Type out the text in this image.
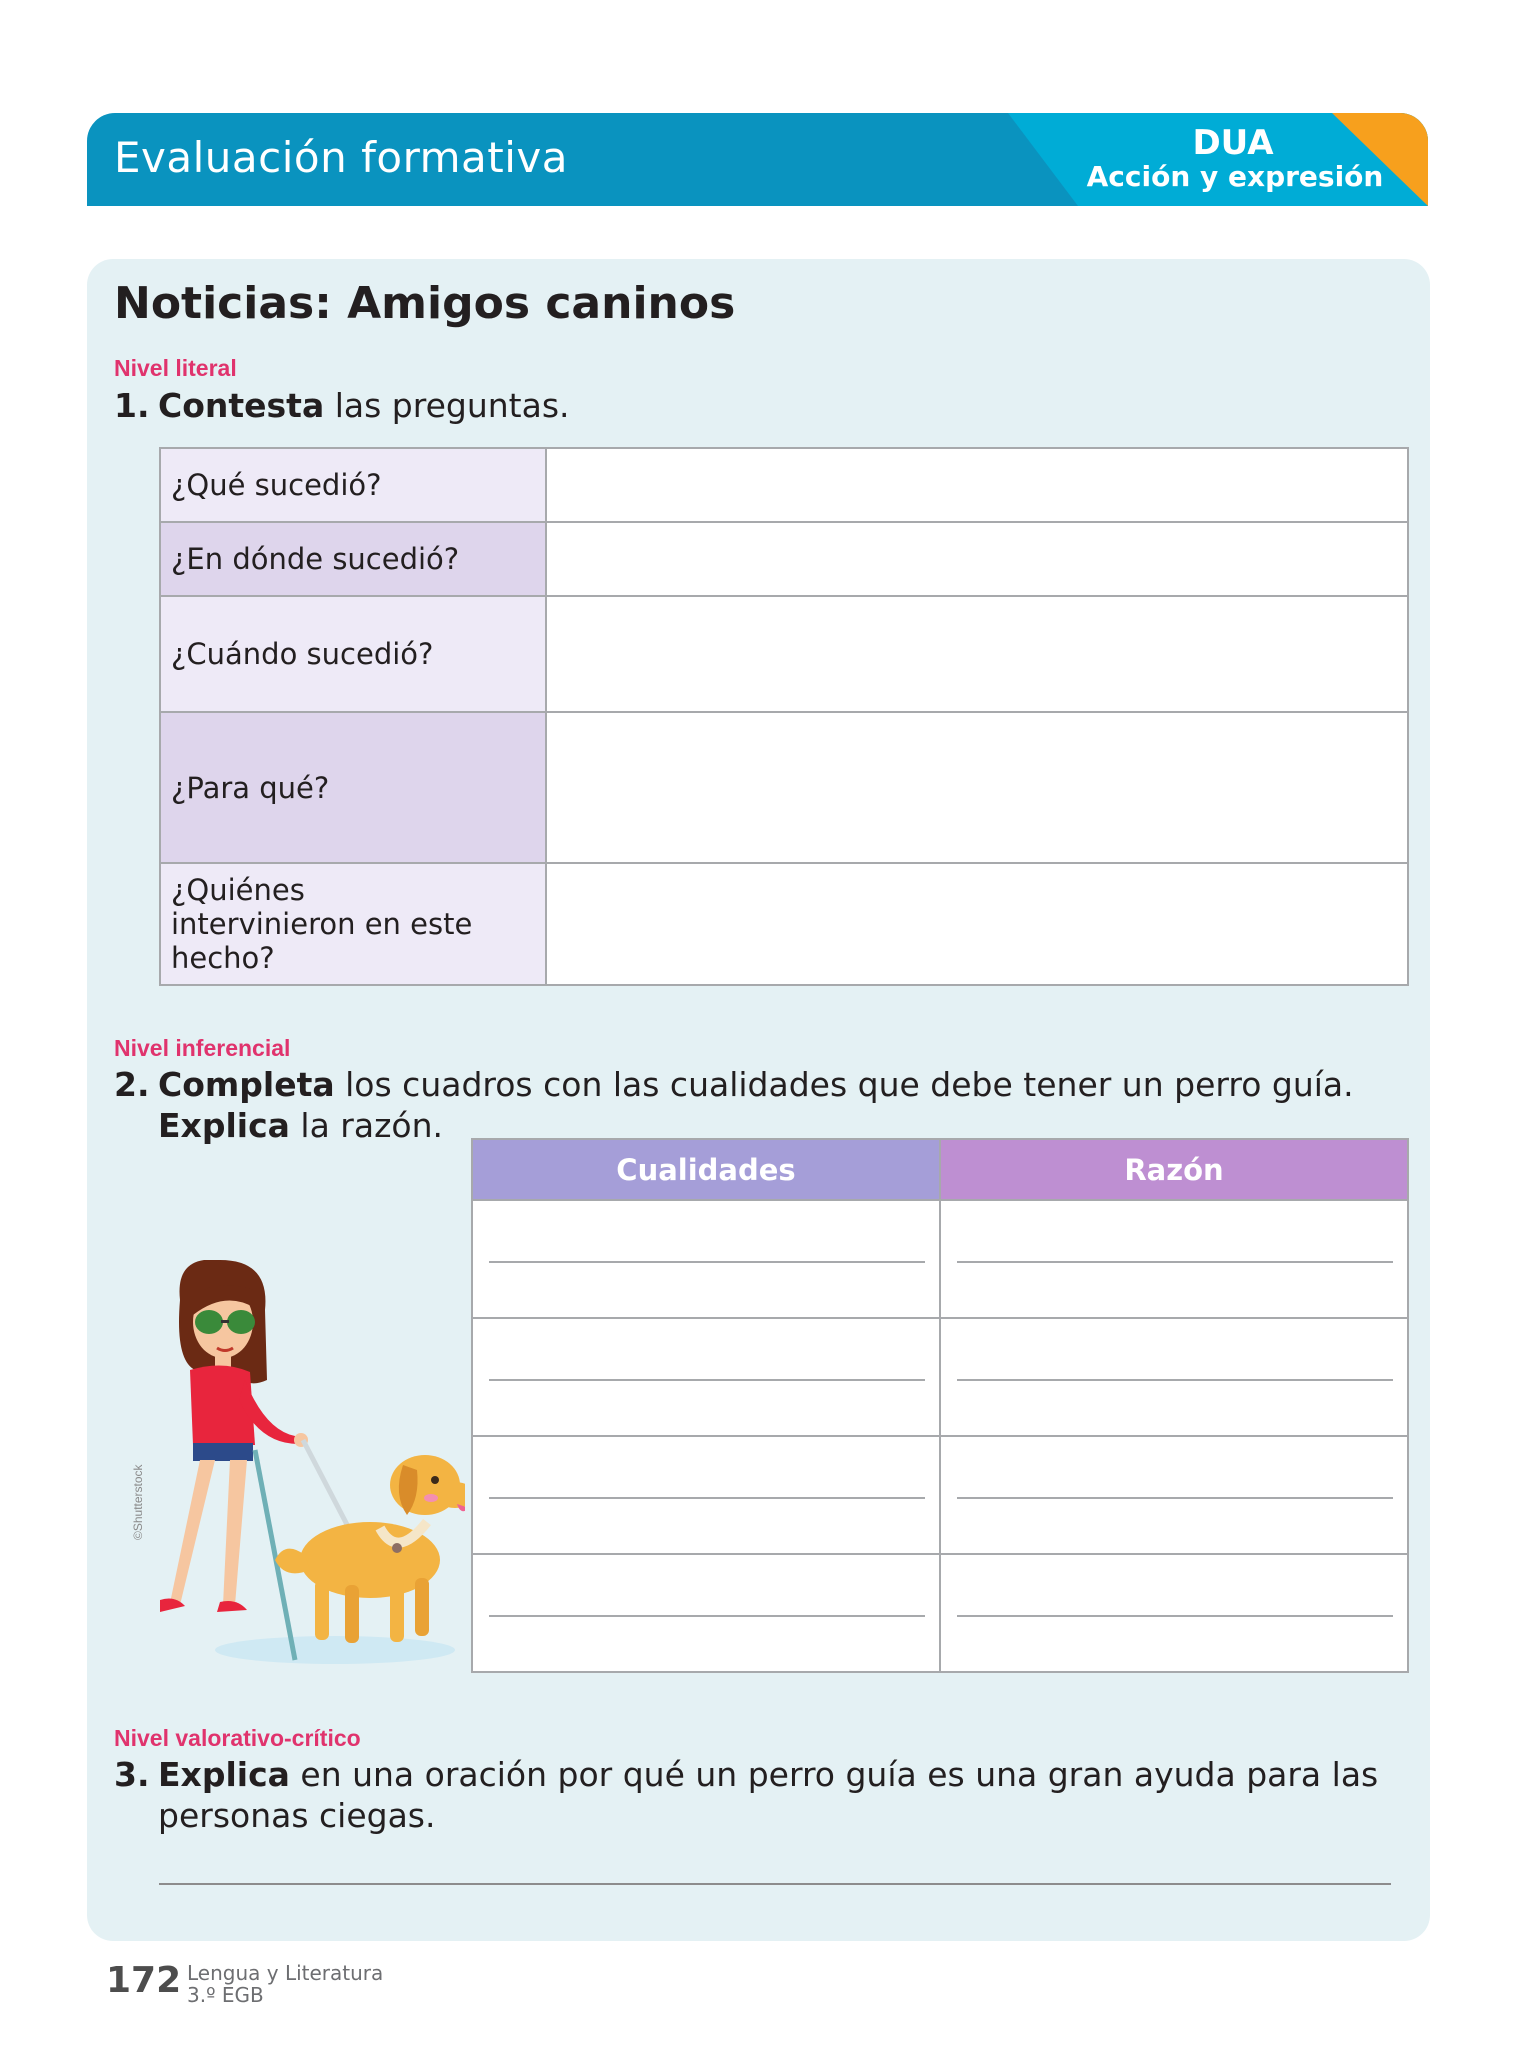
Evaluación formativa	DUA
Acción y expresión
Noticias: Amigos caninos
Nivel literal
1. Contesta las preguntas.
¿Qué sucedió?	
¿En dónde sucedió?	
¿Cuándo sucedió?	
¿Para qué?	
¿Quiénes intervinieron en este hecho?	
Nivel inferencial
2. Completa los cuadros con las cualidades que debe tener un perro guía.
Explica la razón.
Cualidades	Razón

©Shutterstock
Nivel valorativo-crítico
3. Explica en una oración por qué un perro guía es una gran ayuda para las
personas ciegas.
172 Lengua y Literatura
3.º EGB
